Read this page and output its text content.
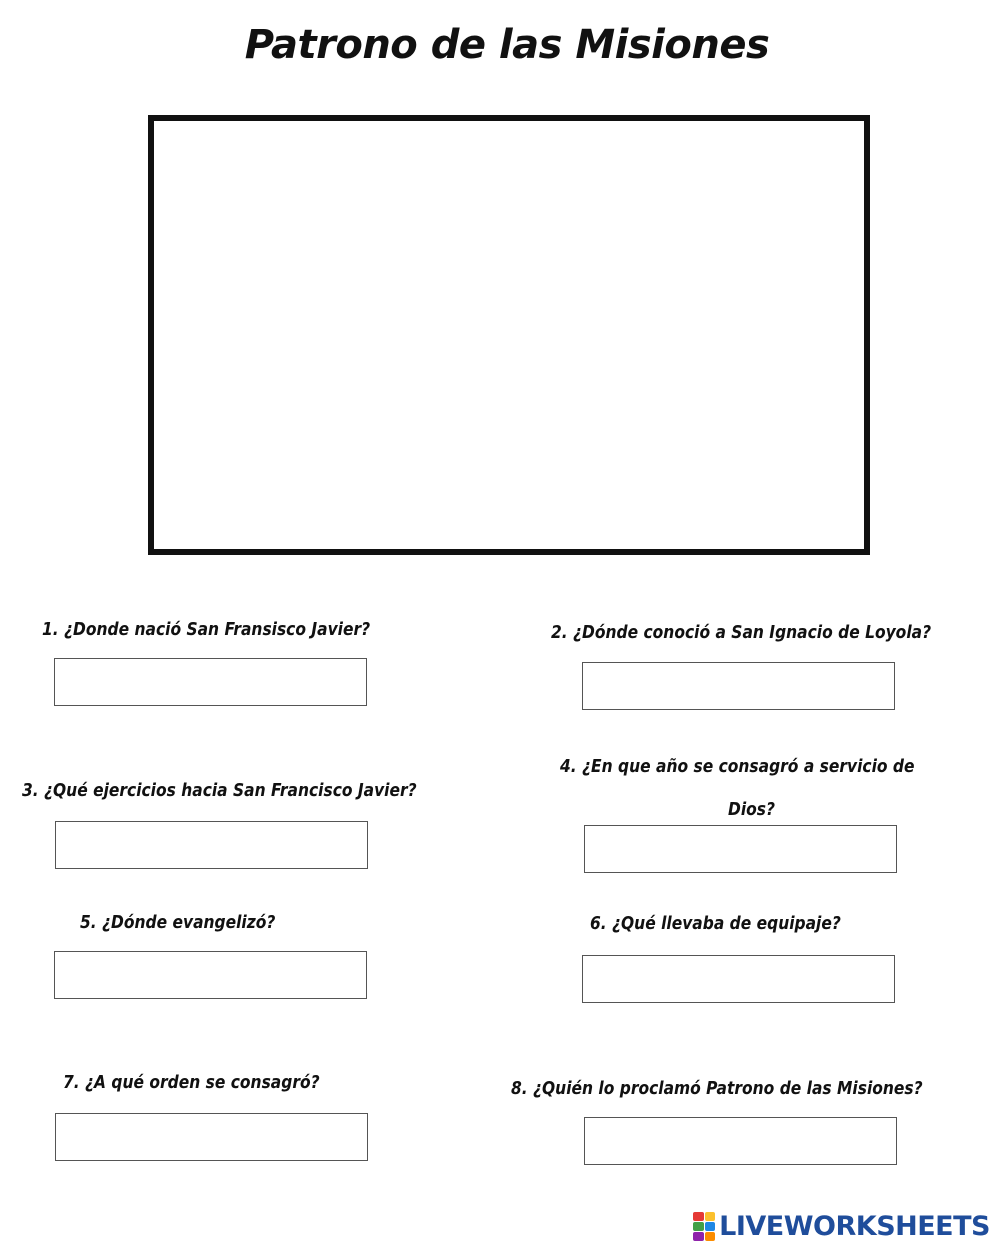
Patrono de las Misiones
1. ¿Donde nació San Fransisco Javier?	2. ¿Dónde conoció a San Ignacio de Loyola?
3. ¿Qué ejercicios hacia San Francisco Javier?
4. ¿En que año se consagró a servicio de
Dios?
5. ¿Dónde evangelizó?	6. ¿Qué llevaba de equipaje?
7. ¿A qué orden se consagró?	8. ¿Quién lo proclamó Patrono de las Misiones?
LIVEWORKSHEETS
